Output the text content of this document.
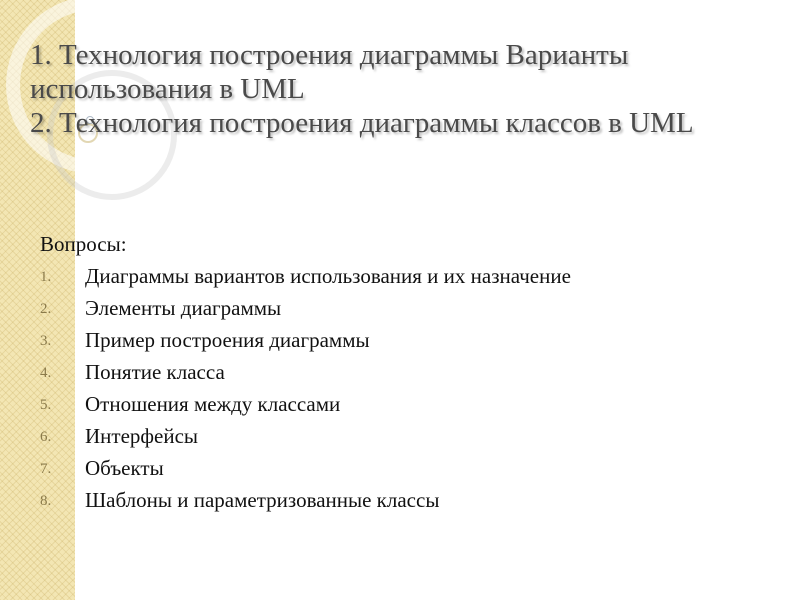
1. Технология построения диаграммы Варианты
использования в UML
2. Технология построения диаграммы классов в UML
Вопросы:
1. Диаграммы вариантов использования и их назначение
2. Элементы диаграммы
3. Пример построения диаграммы
4. Понятие класса
5. Отношения между классами
6. Интерфейсы
7. Объекты
8. Шаблоны и параметризованные классы
